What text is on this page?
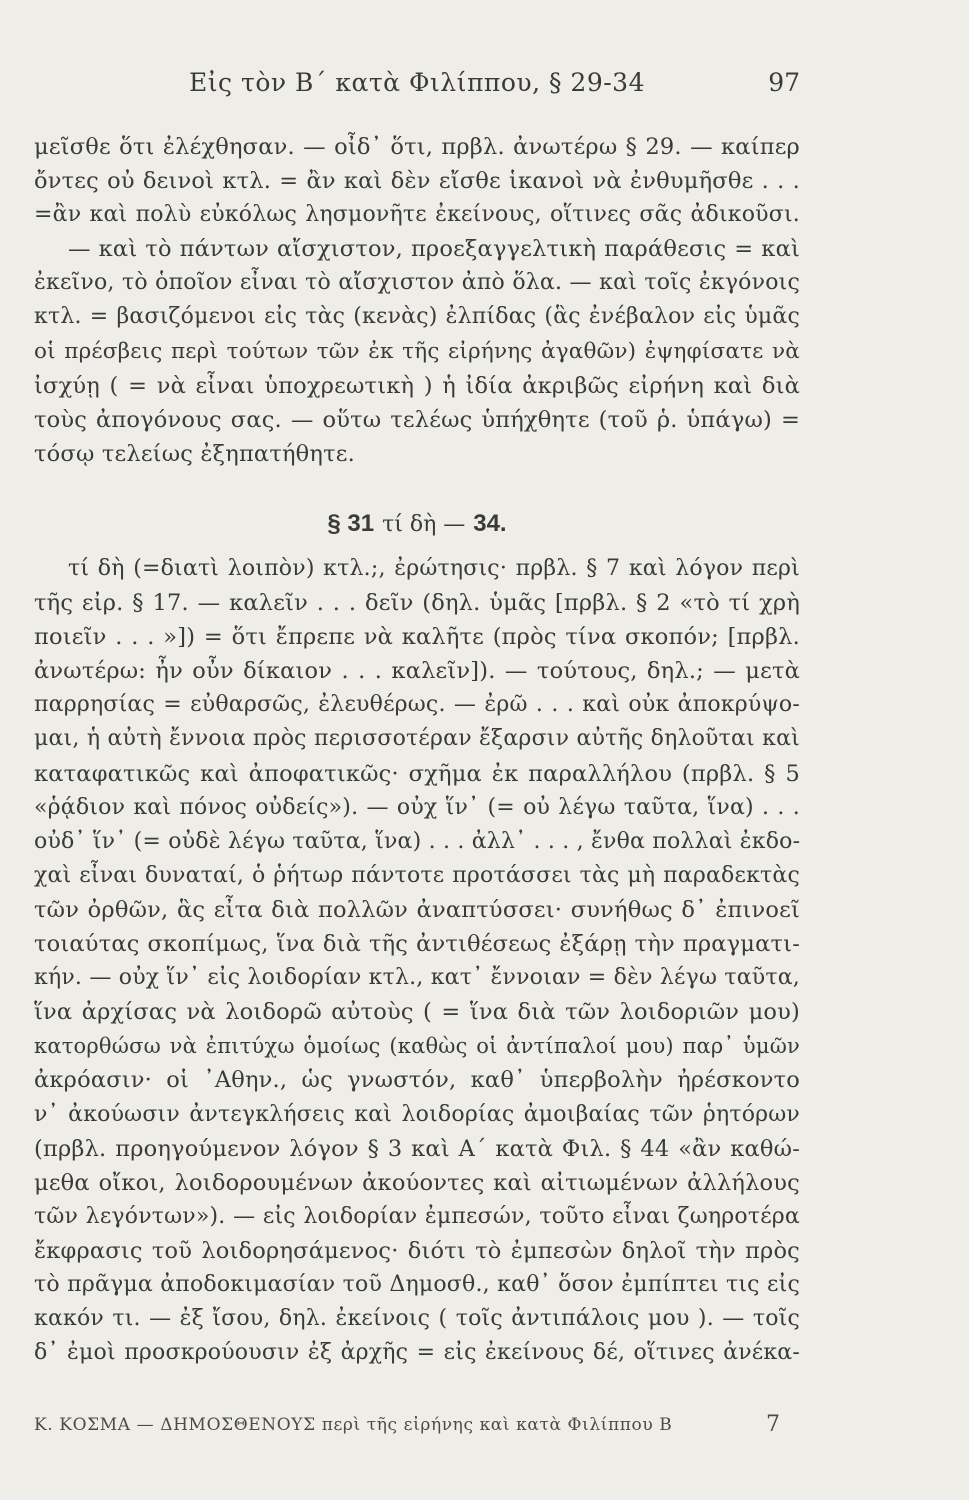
Εἰς τὸν Β΄ κατὰ Φιλίππου, § 29-34	97
μεῖσθε ὅτι ἐλέχθησαν. — οἶδ᾽ ὅτι, πρβλ. ἀνωτέρω § 29. — καίπερ
ὄντες οὐ δεινοὶ κτλ. = ἂν καὶ δὲν εἴσθε ἱκανοὶ νὰ ἐνθυμῆσθε . . .
=ἂν καὶ πολὺ εὐκόλως λησμονῆτε ἐκείνους, οἵτινες σᾶς ἀδικοῦσι.
— καὶ τὸ πάντων αἴσχιστον, προεξαγγελτικὴ παράθεσις = καὶ
ἐκεῖνο, τὸ ὁποῖον εἶναι τὸ αἴσχιστον ἀπὸ ὅλα. — καὶ τοῖς ἐκγόνοις
κτλ. = βασιζόμενοι εἰς τὰς (κενὰς) ἐλπίδας (ἃς ἐνέβαλον εἰς ὑμᾶς
οἱ πρέσβεις περὶ τούτων τῶν ἐκ τῆς εἰρήνης ἀγαθῶν) ἐψηφίσατε νὰ
ἰσχύῃ ( = νὰ εἶναι ὑποχρεωτικὴ ) ἡ ἰδία ἀκριβῶς εἰρήνη καὶ διὰ
τοὺς ἀπογόνους σας. — οὕτω τελέως ὑπήχθητε (τοῦ ῥ. ὑπάγω) =
τόσῳ τελείως ἐξηπατήθητε.
§ 31 τί δὴ — 34.
τί δὴ (=διατὶ λοιπὸν) κτλ.;, ἐρώτησις· πρβλ. § 7 καὶ λόγον περὶ
τῆς εἰρ. § 17. — καλεῖν . . . δεῖν (δηλ. ὑμᾶς [πρβλ. § 2 «τὸ τί χρὴ
ποιεῖν . . . »]) = ὅτι ἔπρεπε νὰ καλῆτε (πρὸς τίνα σκοπόν; [πρβλ.
ἀνωτέρω: ἦν οὖν δίκαιον . . . καλεῖν]). — τούτους, δηλ.; — μετὰ
παρρησίας = εὐθαρσῶς, ἐλευθέρως. — ἐρῶ . . . καὶ οὐκ ἀποκρύψο-
μαι, ἡ αὐτὴ ἔννοια πρὸς περισσοτέραν ἔξαρσιν αὐτῆς δηλοῦται καὶ
καταφατικῶς καὶ ἀποφατικῶς· σχῆμα ἐκ παραλλήλου (πρβλ. § 5
«ῥᾴδιον καὶ πόνος οὐδείς»). — οὐχ ἵν᾽ (= οὐ λέγω ταῦτα, ἵνα) . . .
οὐδ᾽ ἵν᾽ (= οὐδὲ λέγω ταῦτα, ἵνα) . . . ἀλλ᾽ . . . , ἔνθα πολλαὶ ἐκδο-
χαὶ εἶναι δυναταί, ὁ ῥήτωρ πάντοτε προτάσσει τὰς μὴ παραδεκτὰς
τῶν ὀρθῶν, ἃς εἶτα διὰ πολλῶν ἀναπτύσσει· συνήθως δ᾽ ἐπινοεῖ
τοιαύτας σκοπίμως, ἵνα διὰ τῆς ἀντιθέσεως ἐξάρῃ τὴν πραγματι-
κήν. — οὐχ ἵν᾽ εἰς λοιδορίαν κτλ., κατ᾽ ἔννοιαν = δὲν λέγω ταῦτα,
ἵνα ἀρχίσας νὰ λοιδορῶ αὐτοὺς ( = ἵνα διὰ τῶν λοιδοριῶν μου)
κατορθώσω νὰ ἐπιτύχω ὁμοίως (καθὼς οἱ ἀντίπαλοί μου) παρ᾽ ὑμῶν
ἀκρόασιν· οἱ ᾽Αθην., ὡς γνωστόν, καθ᾽ ὑπερβολὴν ἠρέσκοντο
ν᾽ ἀκούωσιν ἀντεγκλήσεις καὶ λοιδορίας ἀμοιβαίας τῶν ῥητόρων
(πρβλ. προηγούμενον λόγον § 3 καὶ Α΄ κατὰ Φιλ. § 44 «ἂν καθώ-
μεθα οἴκοι, λοιδορουμένων ἀκούοντες καὶ αἰτιωμένων ἀλλήλους
τῶν λεγόντων»). — εἰς λοιδορίαν ἐμπεσών, τοῦτο εἶναι ζωηροτέρα
ἔκφρασις τοῦ λοιδορησάμενος· διότι τὸ ἐμπεσὼν δηλοῖ τὴν πρὸς
τὸ πρᾶγμα ἀποδοκιμασίαν τοῦ Δημοσθ., καθ᾽ ὅσον ἐμπίπτει τις εἰς
κακόν τι. — ἐξ ἴσου, δηλ. ἐκείνοις ( τοῖς ἀντιπάλοις μου ). — τοῖς
δ᾽ ἐμοὶ προσκρούουσιν ἐξ ἀρχῆς = εἰς ἐκείνους δέ, οἵτινες ἀνέκα-
Κ. ΚΟΣΜΑ — ΔΗΜΟΣΘΕΝΟΥΣ περὶ τῆς εἰρήνης καὶ κατὰ Φιλίππου Β	7
